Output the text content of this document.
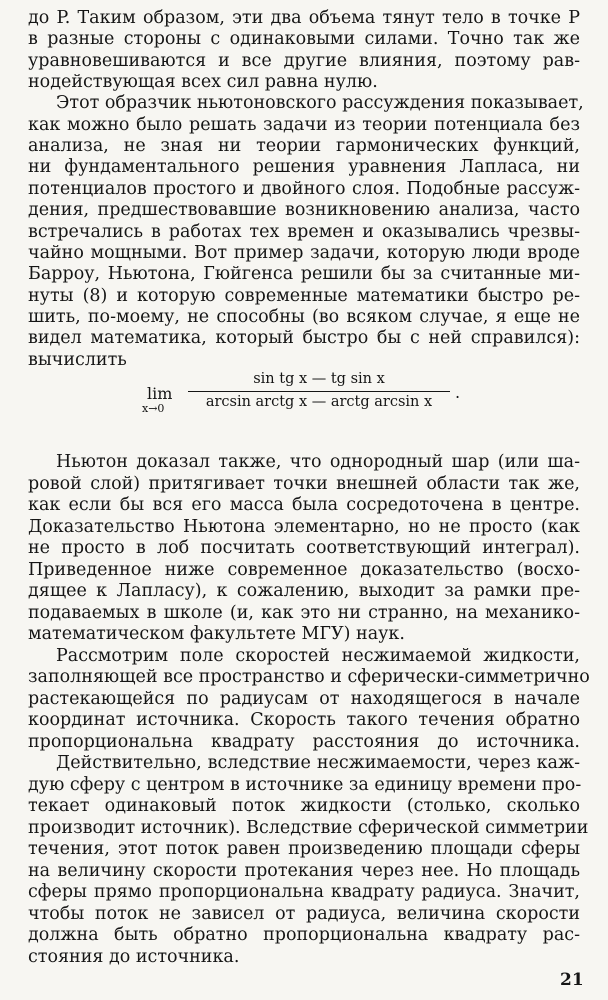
до P. Таким образом, эти два объема тянут тело в точке P
в разные стороны с одинаковыми силами. Точно так же
уравновешиваются и все другие влияния, поэтому рав-
нодействующая всех сил равна нулю.
Этот образчик ньютоновского рассуждения показывает,
как можно было решать задачи из теории потенциала без
анализа, не зная ни теории гармонических функций,
ни фундаментального решения уравнения Лапласа, ни
потенциалов простого и двойного слоя. Подобные рассуж-
дения, предшествовавшие возникновению анализа, часто
встречались в работах тех времен и оказывались чрезвы-
чайно мощными. Вот пример задачи, которую люди вроде
Барроу, Ньютона, Гюйгенса решили бы за считанные ми-
нуты (8) и которую современные математики быстро ре-
шить, по-моему, не способны (во всяком случае, я еще не
видел математика, который быстро бы с ней справился):
вычислить
lim
x→0
sin tg x — tg sin x
arcsin arctg x — arctg arcsin x	.
Ньютон доказал также, что однородный шар (или ша-
ровой слой) притягивает точки внешней области так же,
как если бы вся его масса была сосредоточена в центре.
Доказательство Ньютона элементарно, но не просто (как
не просто в лоб посчитать соответствующий интеграл).
Приведенное ниже современное доказательство (восхо-
дящее к Лапласу), к сожалению, выходит за рамки пре-
подаваемых в школе (и, как это ни странно, на механико-
математическом факультете МГУ) наук.
Рассмотрим поле скоростей несжимаемой жидкости,
заполняющей все пространство и сферически-симметрично
растекающейся по радиусам от находящегося в начале
координат источника. Скорость такого течения обратно
пропорциональна квадрату расстояния до источника.
Действительно, вследствие несжимаемости, через каж-
дую сферу с центром в источнике за единицу времени про-
текает одинаковый поток жидкости (столько, сколько
производит источник). Вследствие сферической симметрии
течения, этот поток равен произведению площади сферы
на величину скорости протекания через нее. Но площадь
сферы прямо пропорциональна квадрату радиуса. Значит,
чтобы поток не зависел от радиуса, величина скорости
должна быть обратно пропорциональна квадрату рас-
стояния до источника.
21
